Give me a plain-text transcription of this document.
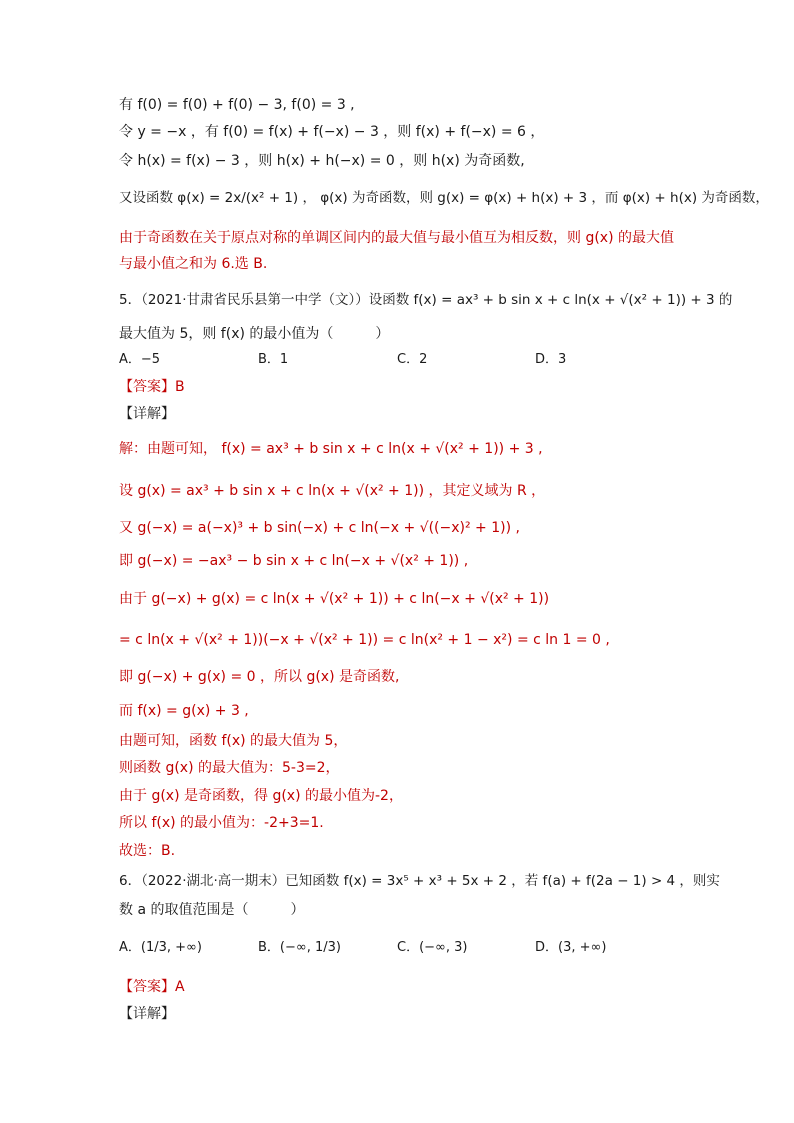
有 f(0) = f(0) + f(0) − 3, f(0) = 3 ,
令 y = −x ，有 f(0) = f(x) + f(−x) − 3 ，则 f(x) + f(−x) = 6 ，
令 h(x) = f(x) − 3 ，则 h(x) + h(−x) = 0 ，则 h(x) 为奇函数,
又设函数 φ(x) = 2x/(x² + 1) ， φ(x) 为奇函数，则 g(x) = φ(x) + h(x) + 3 ，而 φ(x) + h(x) 为奇函数，
由于奇函数在关于原点对称的单调区间内的最大值与最小值互为相反数，则 g(x) 的最大值
与最小值之和为 6.选 B.
5．（2021·甘肃省民乐县第一中学（文））设函数 f(x) = ax³ + b sin x + c ln(x + √(x² + 1)) + 3 的
最大值为 5，则 f(x) 的最小值为（　　　）
A．−5	B．1	C．2	D．3
【答案】B
【详解】
解：由题可知， f(x) = ax³ + b sin x + c ln(x + √(x² + 1)) + 3 ,
设 g(x) = ax³ + b sin x + c ln(x + √(x² + 1)) ，其定义域为 R ，
又 g(−x) = a(−x)³ + b sin(−x) + c ln(−x + √((−x)² + 1)) ,
即 g(−x) = −ax³ − b sin x + c ln(−x + √(x² + 1)) ,
由于 g(−x) + g(x) = c ln(x + √(x² + 1)) + c ln(−x + √(x² + 1))
= c ln(x + √(x² + 1))(−x + √(x² + 1)) = c ln(x² + 1 − x²) = c ln 1 = 0 ,
即 g(−x) + g(x) = 0 ，所以 g(x) 是奇函数,
而 f(x) = g(x) + 3 ,
由题可知，函数 f(x) 的最大值为 5，
则函数 g(x) 的最大值为：5-3=2，
由于 g(x) 是奇函数，得 g(x) 的最小值为-2，
所以 f(x) 的最小值为：-2+3=1.
故选：B.
6．（2022·湖北·高一期末）已知函数 f(x) = 3x⁵ + x³ + 5x + 2 ，若 f(a) + f(2a − 1) > 4 ，则实
数 a 的取值范围是（　　　）
A．(1/3, +∞)	B．(−∞, 1/3)	C．(−∞, 3)	D．(3, +∞)
【答案】A
【详解】
